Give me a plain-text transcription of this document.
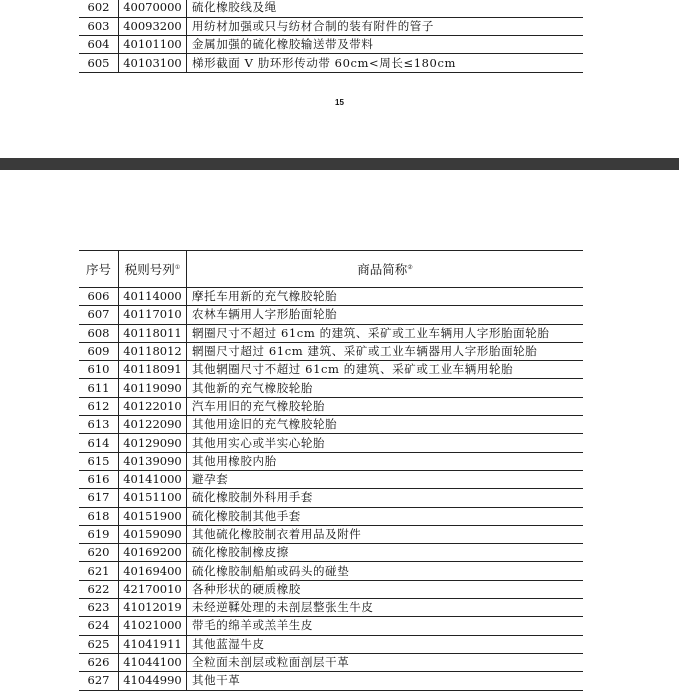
602	40070000	硫化橡胶线及绳
603	40093200	用纺材加强或只与纺材合制的装有附件的管子
604	40101100	金属加强的硫化橡胶输送带及带料
605	40103100	梯形截面 V 肋环形传动带 60cm<周长≤180cm
15
序号	税则号列①	商品简称②
606	40114000	摩托车用新的充气橡胶轮胎
607	40117010	农林车辆用人字形胎面轮胎
608	40118011	辋圈尺寸不超过 61cm 的建筑、采矿或工业车辆用人字形胎面轮胎
609	40118012	辋圈尺寸超过 61cm 建筑、采矿或工业车辆器用人字形胎面轮胎
610	40118091	其他辋圈尺寸不超过 61cm 的建筑、采矿或工业车辆用轮胎
611	40119090	其他新的充气橡胶轮胎
612	40122010	汽车用旧的充气橡胶轮胎
613	40122090	其他用途旧的充气橡胶轮胎
614	40129090	其他用实心或半实心轮胎
615	40139090	其他用橡胶内胎
616	40141000	避孕套
617	40151100	硫化橡胶制外科用手套
618	40151900	硫化橡胶制其他手套
619	40159090	其他硫化橡胶制衣着用品及附件
620	40169200	硫化橡胶制橡皮擦
621	40169400	硫化橡胶制船舶或码头的碰垫
622	42170010	各种形状的硬质橡胶
623	41012019	未经逆鞣处理的未剖层整张生牛皮
624	41021000	带毛的绵羊或羔羊生皮
625	41041911	其他蓝湿牛皮
626	41044100	全粒面未剖层或粒面剖层干革
627	41044990	其他干革
